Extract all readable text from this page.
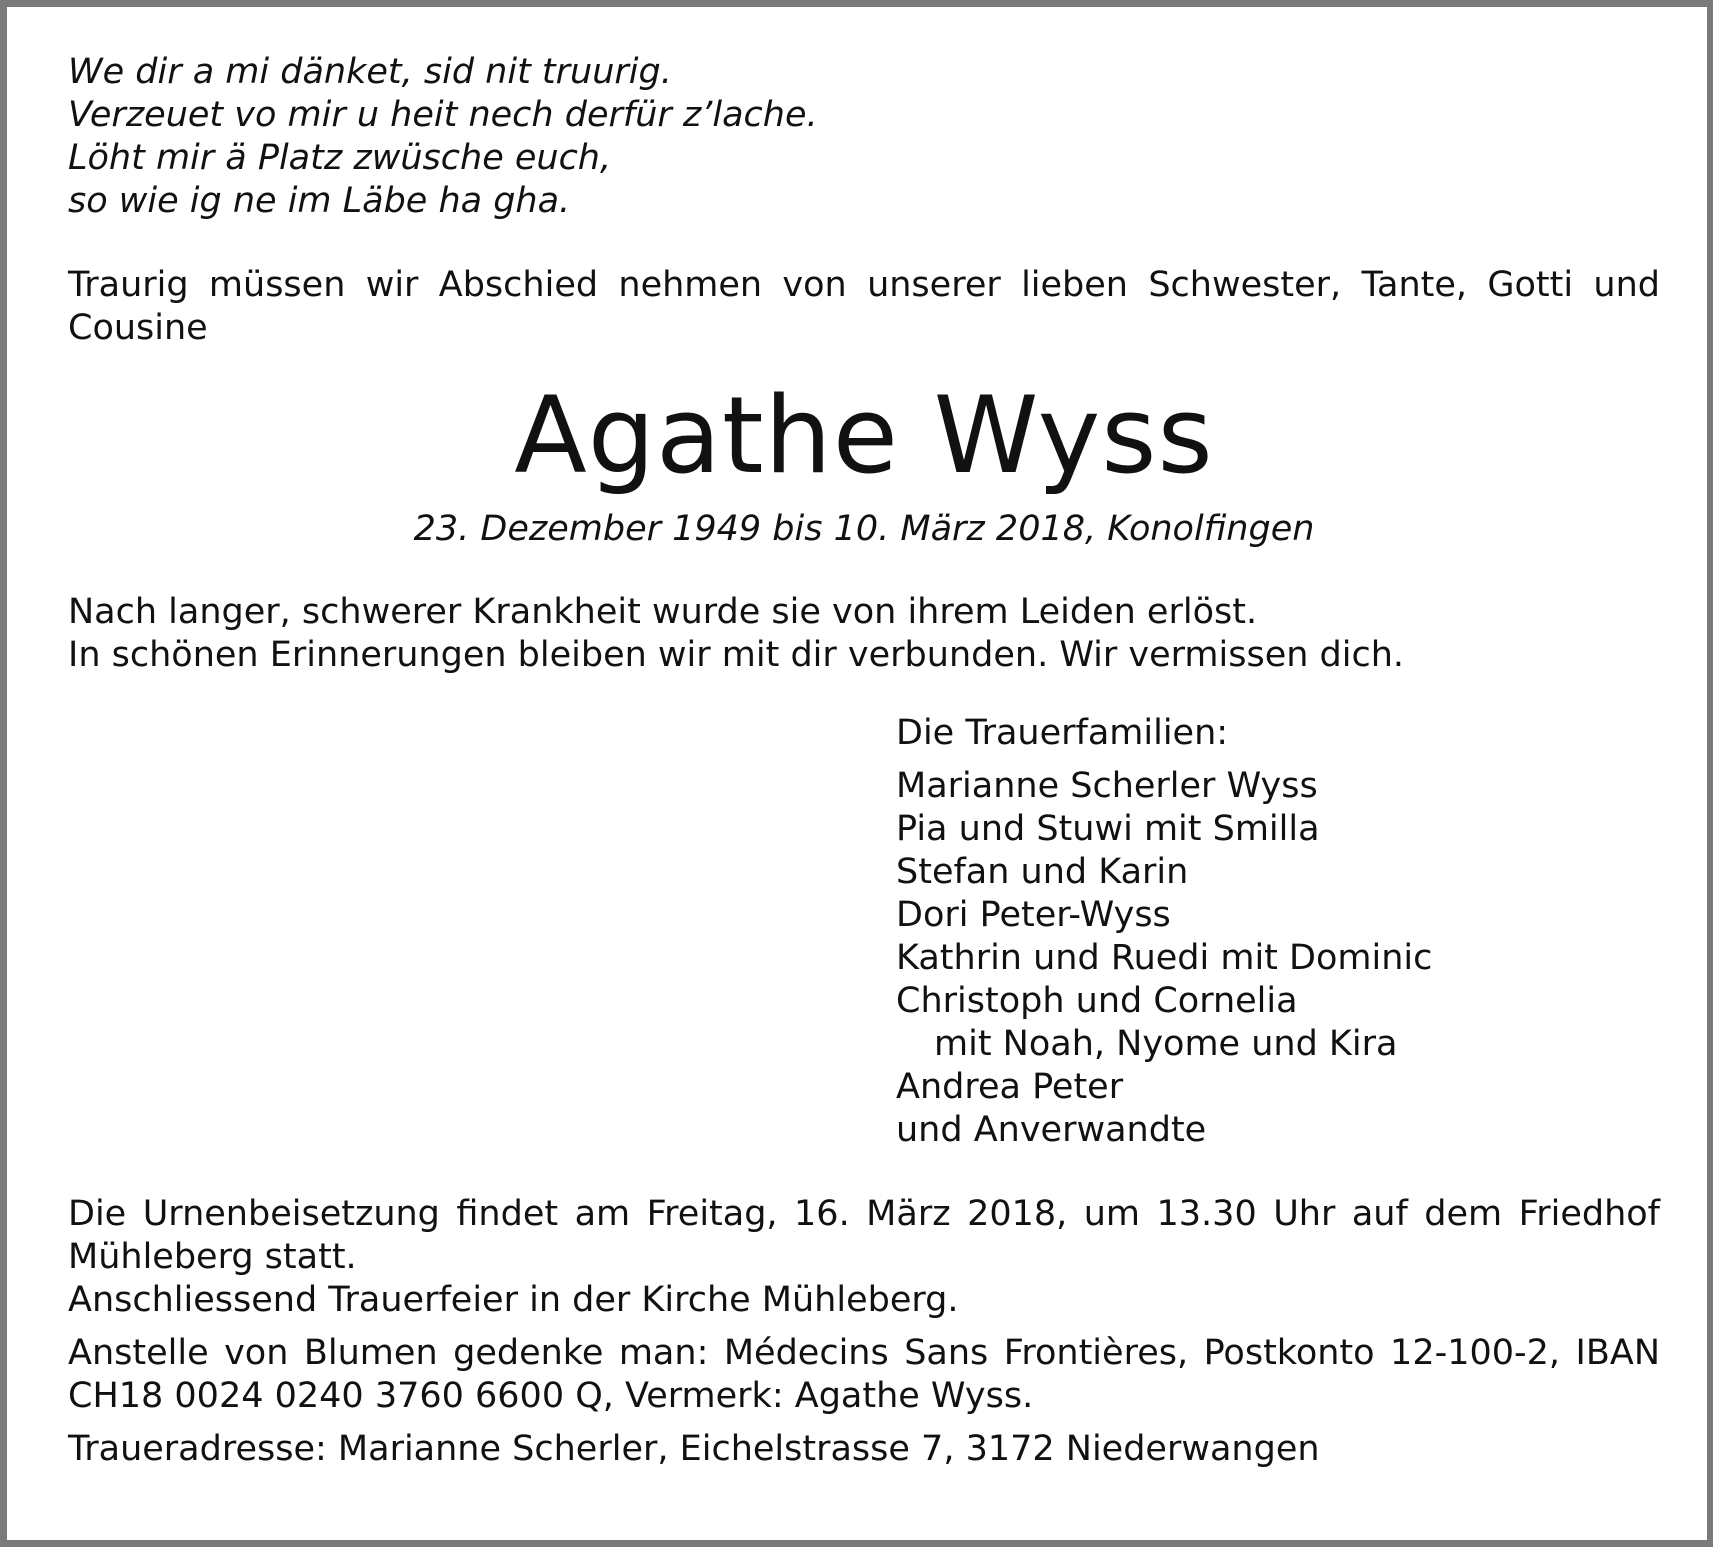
We dir a mi dänket, sid nit truurig.
Verzeuet vo mir u heit nech derfür z’lache.
Löht mir ä Platz zwüsche euch,
so wie ig ne im Läbe ha gha.
Traurig müssen wir Abschied nehmen von unserer lieben Schwester, Tante, Gotti und
Cousine
Agathe Wyss
23. Dezember 1949 bis 10. März 2018, Konolfingen
Nach langer, schwerer Krankheit wurde sie von ihrem Leiden erlöst.
In schönen Erinnerungen bleiben wir mit dir verbunden. Wir vermissen dich.
Die Trauerfamilien:
Marianne Scherler Wyss
Pia und Stuwi mit Smilla
Stefan und Karin
Dori Peter-Wyss
Kathrin und Ruedi mit Dominic
Christoph und Cornelia
mit Noah, Nyome und Kira
Andrea Peter
und Anverwandte
Die Urnenbeisetzung findet am Freitag, 16. März 2018, um 13.30 Uhr auf dem Friedhof
Mühleberg statt.
Anschliessend Trauerfeier in der Kirche Mühleberg.
Anstelle von Blumen gedenke man: Médecins Sans Frontières, Postkonto 12-100-2, IBAN
CH18 0024 0240 3760 6600 Q, Vermerk: Agathe Wyss.
Traueradresse: Marianne Scherler, Eichelstrasse 7, 3172 Niederwangen
